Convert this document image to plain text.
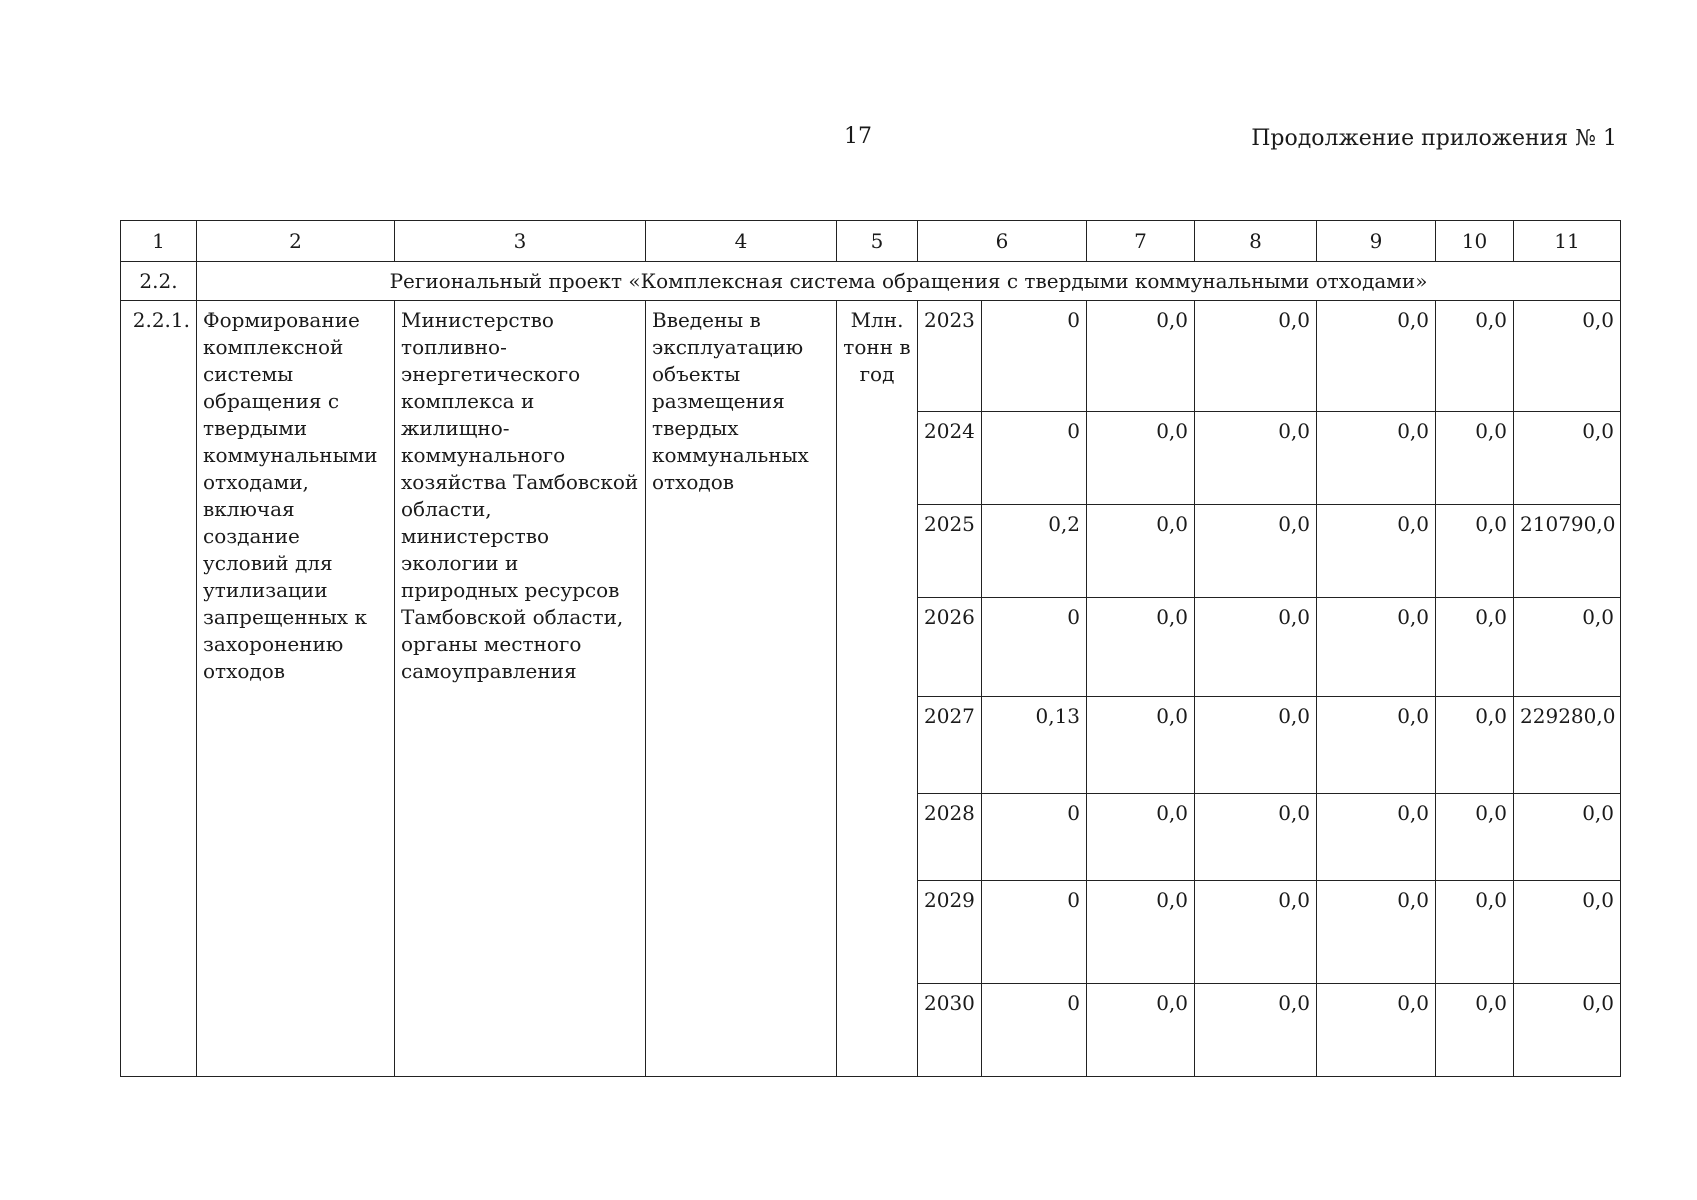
17	Продолжение приложения № 1
1	2	3	4	5	6		7	8	9	10	11
2.2.	Региональный проект «Комплексная система обращения с твердыми коммунальными отходами»										
2.2.1.	Формирование комплексной системы обращения с твердыми коммунальными отходами, включая создание условий для утилизации запрещенных к захоронению отходов	Министерство топливно-энергетического комплекса и жилищно-коммунального хозяйства Тамбовской области, министерство экологии и природных ресурсов Тамбовской области, органы местного самоуправления	Введены в эксплуатацию объекты размещения твердых коммунальных отходов	Млн. тонн в год	2023	0	0,0	0,0	0,0	0,0	0,0
					2024	0	0,0	0,0	0,0	0,0	0,0
					2025	0,2	0,0	0,0	0,0	0,0	210790,0
					2026	0	0,0	0,0	0,0	0,0	0,0
					2027	0,13	0,0	0,0	0,0	0,0	229280,0
					2028	0	0,0	0,0	0,0	0,0	0,0
					2029	0	0,0	0,0	0,0	0,0	0,0
					2030	0	0,0	0,0	0,0	0,0	0,0
